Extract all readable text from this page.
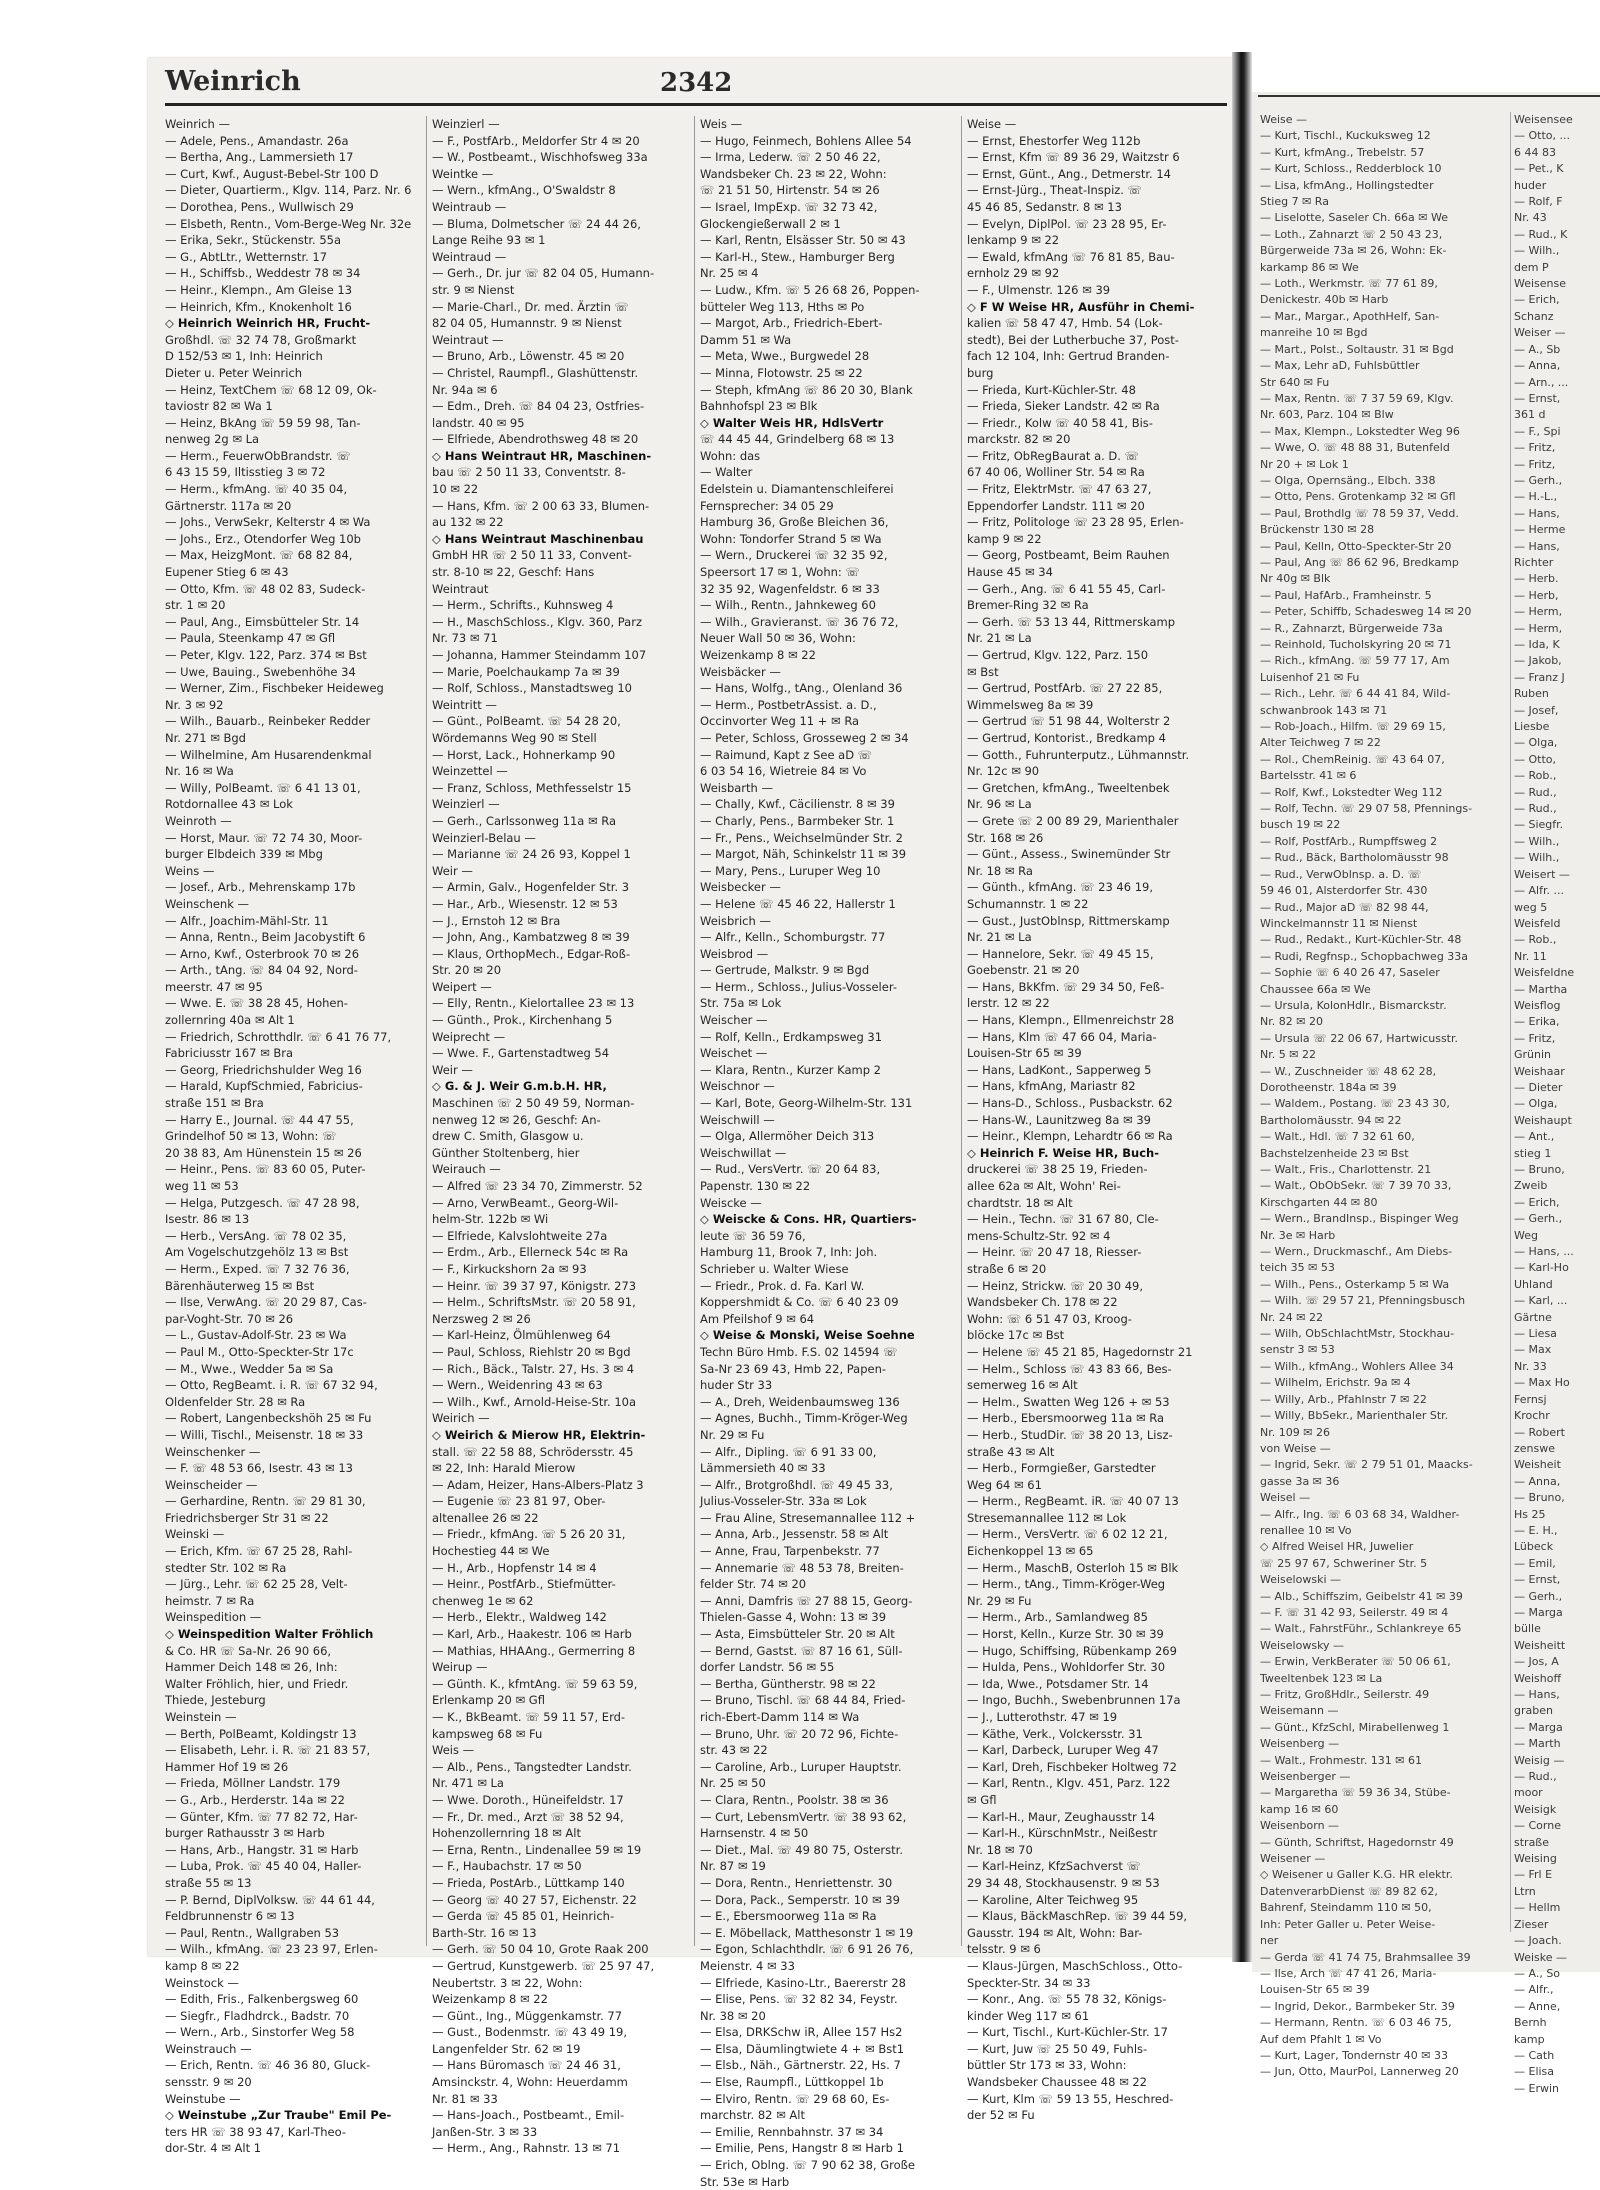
Weinrich	2342
Weinrich —
— Adele, Pens., Amandastr. 26a
— Bertha, Ang., Lammersieth 17
— Curt, Kwf., August-Bebel-Str 100 D
— Dieter, Quartierm., Klgv. 114, Parz. Nr. 6
— Dorothea, Pens., Wullwisch 29
— Elsbeth, Rentn., Vom-Berge-Weg Nr. 32e
— Erika, Sekr., Stückenstr. 55a
— G., AbtLtr., Wetternstr. 17
— H., Schiffsb., Weddestr 78 ✉ 34
— Heinr., Klempn., Am Gleise 13
— Heinrich, Kfm., Knokenholt 16
◇ Heinrich Weinrich HR, Frucht-
Großhdl. ☏ 32 74 78, Großmarkt
D 152/53 ✉ 1, Inh: Heinrich
Dieter u. Peter Weinrich
— Heinz, TextChem ☏ 68 12 09, Ok-
taviostr 82 ✉ Wa 1
— Heinz, BkAng ☏ 59 59 98, Tan-
nenweg 2g ✉ La
— Herm., FeuerwObBrandstr. ☏
6 43 15 59, Iltisstieg 3 ✉ 72
— Herm., kfmAng. ☏ 40 35 04,
Gärtnerstr. 117a ✉ 20
— Johs., VerwSekr, Kelterstr 4 ✉ Wa
— Johs., Erz., Otendorfer Weg 10b
— Max, HeizgMont. ☏ 68 82 84,
Eupener Stieg 6 ✉ 43
— Otto, Kfm. ☏ 48 02 83, Sudeck-
str. 1 ✉ 20
— Paul, Ang., Eimsbütteler Str. 14
— Paula, Steenkamp 47 ✉ Gfl
— Peter, Klgv. 122, Parz. 374 ✉ Bst
— Uwe, Bauing., Swebenhöhe 34
— Werner, Zim., Fischbeker Heideweg
Nr. 3 ✉ 92
— Wilh., Bauarb., Reinbeker Redder
Nr. 271 ✉ Bgd
— Wilhelmine, Am Husarendenkmal
Nr. 16 ✉ Wa
— Willy, PolBeamt. ☏ 6 41 13 01,
Rotdornallee 43 ✉ Lok
Weinroth —
— Horst, Maur. ☏ 72 74 30, Moor-
burger Elbdeich 339 ✉ Mbg
Weins —
— Josef., Arb., Mehrenskamp 17b
Weinschenk —
— Alfr., Joachim-Mähl-Str. 11
— Anna, Rentn., Beim Jacobystift 6
— Arno, Kwf., Osterbrook 70 ✉ 26
— Arth., tAng. ☏ 84 04 92, Nord-
meerstr. 47 ✉ 95
— Wwe. E. ☏ 38 28 45, Hohen-
zollernring 40a ✉ Alt 1
— Friedrich, Schrotthdlr. ☏ 6 41 76 77,
Fabriciusstr 167 ✉ Bra
— Georg, Friedrichshulder Weg 16
— Harald, KupfSchmied, Fabricius-
straße 151 ✉ Bra
— Harry E., Journal. ☏ 44 47 55,
Grindelhof 50 ✉ 13, Wohn: ☏
20 38 83, Am Hünenstein 15 ✉ 26
— Heinr., Pens. ☏ 83 60 05, Puter-
weg 11 ✉ 53
— Helga, Putzgesch. ☏ 47 28 98,
Isestr. 86 ✉ 13
— Herb., VersAng. ☏ 78 02 35,
Am Vogelschutzgehölz 13 ✉ Bst
— Herm., Exped. ☏ 7 32 76 36,
Bärenhäuterweg 15 ✉ Bst
— Ilse, VerwAng. ☏ 20 29 87, Cas-
par-Voght-Str. 70 ✉ 26
— L., Gustav-Adolf-Str. 23 ✉ Wa
— Paul M., Otto-Speckter-Str 17c
— M., Wwe., Wedder 5a ✉ Sa
— Otto, RegBeamt. i. R. ☏ 67 32 94,
Oldenfelder Str. 28 ✉ Ra
— Robert, Langenbeckshöh 25 ✉ Fu
— Willi, Tischl., Meisenstr. 18 ✉ 33
Weinschenker —
— F. ☏ 48 53 66, Isestr. 43 ✉ 13
Weinscheider —
— Gerhardine, Rentn. ☏ 29 81 30,
Friedrichsberger Str 31 ✉ 22
Weinski —
— Erich, Kfm. ☏ 67 25 28, Rahl-
stedter Str. 102 ✉ Ra
— Jürg., Lehr. ☏ 62 25 28, Velt-
heimstr. 7 ✉ Ra
Weinspedition —
◇ Weinspedition Walter Fröhlich
& Co. HR ☏ Sa-Nr. 26 90 66,
Hammer Deich 148 ✉ 26, Inh:
Walter Fröhlich, hier, und Friedr.
Thiede, Jesteburg
Weinstein —
— Berth, PolBeamt, Koldingstr 13
— Elisabeth, Lehr. i. R. ☏ 21 83 57,
Hammer Hof 19 ✉ 26
— Frieda, Möllner Landstr. 179
— G., Arb., Herderstr. 14a ✉ 22
— Günter, Kfm. ☏ 77 82 72, Har-
burger Rathausstr 3 ✉ Harb
— Hans, Arb., Hangstr. 31 ✉ Harb
— Luba, Prok. ☏ 45 40 04, Haller-
straße 55 ✉ 13
— P. Bernd, DiplVolksw. ☏ 44 61 44,
Feldbrunnenstr 6 ✉ 13
— Paul, Rentn., Wallgraben 53
— Wilh., kfmAng. ☏ 23 23 97, Erlen-
kamp 8 ✉ 22
Weinstock —
— Edith, Fris., Falkenbergsweg 60
— Siegfr., Fladhdrck., Badstr. 70
— Wern., Arb., Sinstorfer Weg 58
Weinstrauch —
— Erich, Rentn. ☏ 46 36 80, Gluck-
sensstr. 9 ✉ 20
Weinstube —
◇ Weinstube „Zur Traube" Emil Pe-
ters HR ☏ 38 93 47, Karl-Theo-
dor-Str. 4 ✉ Alt 1
Weinzierl —
— F., PostfArb., Meldorfer Str 4 ✉ 20
— W., Postbeamt., Wischhofsweg 33a
Weintke —
— Wern., kfmAng., O'Swaldstr 8
Weintraub —
— Bluma, Dolmetscher ☏ 24 44 26,
Lange Reihe 93 ✉ 1
Weintraud —
— Gerh., Dr. jur ☏ 82 04 05, Humann-
str. 9 ✉ Nienst
— Marie-Charl., Dr. med. Ärztin ☏
82 04 05, Humannstr. 9 ✉ Nienst
Weintraut —
— Bruno, Arb., Löwenstr. 45 ✉ 20
— Christel, Raumpfl., Glashüttenstr.
Nr. 94a ✉ 6
— Edm., Dreh. ☏ 84 04 23, Ostfries-
landstr. 40 ✉ 95
— Elfriede, Abendrothsweg 48 ✉ 20
◇ Hans Weintraut HR, Maschinen-
bau ☏ 2 50 11 33, Conventstr. 8-
10 ✉ 22
— Hans, Kfm. ☏ 2 00 63 33, Blumen-
au 132 ✉ 22
◇ Hans Weintraut Maschinenbau
GmbH HR ☏ 2 50 11 33, Convent-
str. 8-10 ✉ 22, Geschf: Hans
Weintraut
— Herm., Schrifts., Kuhnsweg 4
— H., MaschSchloss., Klgv. 360, Parz
Nr. 73 ✉ 71
— Johanna, Hammer Steindamm 107
— Marie, Poelchaukamp 7a ✉ 39
— Rolf, Schloss., Manstadtsweg 10
Weintritt —
— Günt., PolBeamt. ☏ 54 28 20,
Wördemanns Weg 90 ✉ Stell
— Horst, Lack., Hohnerkamp 90
Weinzettel —
— Franz, Schloss, Methfesselstr 15
Weinzierl —
— Gerh., Carlssonweg 11a ✉ Ra
Weinzierl-Belau —
— Marianne ☏ 24 26 93, Koppel 1
Weir —
— Armin, Galv., Hogenfelder Str. 3
— Har., Arb., Wiesenstr. 12 ✉ 53
— J., Ernstoh 12 ✉ Bra
— John, Ang., Kambatzweg 8 ✉ 39
— Klaus, OrthopMech., Edgar-Roß-
Str. 20 ✉ 20
Weipert —
— Elly, Rentn., Kielortallee 23 ✉ 13
— Günth., Prok., Kirchenhang 5
Weiprecht —
— Wwe. F., Gartenstadtweg 54
Weir —
◇ G. & J. Weir G.m.b.H. HR,
Maschinen ☏ 2 50 49 59, Norman-
nenweg 12 ✉ 26, Geschf: An-
drew C. Smith, Glasgow u.
Günther Stoltenberg, hier
Weirauch —
— Alfred ☏ 23 34 70, Zimmerstr. 52
— Arno, VerwBeamt., Georg-Wil-
helm-Str. 122b ✉ Wi
— Elfriede, Kalvslohtweite 27a
— Erdm., Arb., Ellerneck 54c ✉ Ra
— F., Kirkuckshorn 2a ✉ 93
— Heinr. ☏ 39 37 97, Königstr. 273
— Helm., SchriftsMstr. ☏ 20 58 91,
Nerzsweg 2 ✉ 26
— Karl-Heinz, Ölmühlenweg 64
— Paul, Schloss, Riehlstr 20 ✉ Bgd
— Rich., Bäck., Talstr. 27, Hs. 3 ✉ 4
— Wern., Weidenring 43 ✉ 63
— Wilh., Kwf., Arnold-Heise-Str. 10a
Weirich —
◇ Weirich & Mierow HR, Elektrin-
stall. ☏ 22 58 88, Schrödersstr. 45
✉ 22, Inh: Harald Mierow
— Adam, Heizer, Hans-Albers-Platz 3
— Eugenie ☏ 23 81 97, Ober-
altenallee 26 ✉ 22
— Friedr., kfmAng. ☏ 5 26 20 31,
Hochestieg 44 ✉ We
— H., Arb., Hopfenstr 14 ✉ 4
— Heinr., PostfArb., Stiefmütter-
chenweg 1e ✉ 62
— Herb., Elektr., Waldweg 142
— Karl, Arb., Haakestr. 106 ✉ Harb
— Mathias, HHAAng., Germerring 8
Weirup —
— Günth. K., kfmtAng. ☏ 59 63 59,
Erlenkamp 20 ✉ Gfl
— K., BkBeamt. ☏ 59 11 57, Erd-
kampsweg 68 ✉ Fu
Weis —
— Alb., Pens., Tangstedter Landstr.
Nr. 471 ✉ La
— Wwe. Doroth., Hüneifeldstr. 17
— Fr., Dr. med., Arzt ☏ 38 52 94,
Hohenzollernring 18 ✉ Alt
— Erna, Rentn., Lindenallee 59 ✉ 19
— F., Haubachstr. 17 ✉ 50
— Frieda, PostArb., Lüttkamp 140
— Georg ☏ 40 27 57, Eichenstr. 22
— Gerda ☏ 45 85 01, Heinrich-
Barth-Str. 16 ✉ 13
— Gerh. ☏ 50 04 10, Grote Raak 200
— Gertrud, Kunstgewerb. ☏ 25 97 47,
Neubertstr. 3 ✉ 22, Wohn:
Weizenkamp 8 ✉ 22
— Günt., Ing., Müggenkamstr. 77
— Gust., Bodenmstr. ☏ 43 49 19,
Langenfelder Str. 62 ✉ 19
— Hans Büromasch ☏ 24 46 31,
Amsinckstr. 4, Wohn: Heuerdamm
Nr. 81 ✉ 33
— Hans-Joach., Postbeamt., Emil-
Janßen-Str. 3 ✉ 33
— Herm., Ang., Rahnstr. 13 ✉ 71
Weis —
— Hugo, Feinmech, Bohlens Allee 54
— Irma, Lederw. ☏ 2 50 46 22,
Wandsbeker Ch. 23 ✉ 22, Wohn:
☏ 21 51 50, Hirtenstr. 54 ✉ 26
— Israel, ImpExp. ☏ 32 73 42,
Glockengießerwall 2 ✉ 1
— Karl, Rentn, Elsässer Str. 50 ✉ 43
— Karl-H., Stew., Hamburger Berg
Nr. 25 ✉ 4
— Ludw., Kfm. ☏ 5 26 68 26, Poppen-
bütteler Weg 113, Hths ✉ Po
— Margot, Arb., Friedrich-Ebert-
Damm 51 ✉ Wa
— Meta, Wwe., Burgwedel 28
— Minna, Flotowstr. 25 ✉ 22
— Steph, kfmAng ☏ 86 20 30, Blank
Bahnhofspl 23 ✉ Blk
◇ Walter Weis HR, HdlsVertr
☏ 44 45 44, Grindelberg 68 ✉ 13
Wohn: das
— Walter
Edelstein u. Diamantenschleiferei
Fernsprecher: 34 05 29
Hamburg 36, Große Bleichen 36,
Wohn: Tondorfer Strand 5 ✉ Wa
— Wern., Druckerei ☏ 32 35 92,
Speersort 17 ✉ 1, Wohn: ☏
32 35 92, Wagenfeldstr. 6 ✉ 33
— Wilh., Rentn., Jahnkeweg 60
— Wilh., Gravieranst. ☏ 36 76 72,
Neuer Wall 50 ✉ 36, Wohn:
Weizenkamp 8 ✉ 22
Weisbäcker —
— Hans, Wolfg., tAng., Olenland 36
— Herm., PostbetrAssist. a. D.,
Occinvorter Weg 11 + ✉ Ra
— Peter, Schloss, Grosseweg 2 ✉ 34
— Raimund, Kapt z See aD ☏
6 03 54 16, Wietreie 84 ✉ Vo
Weisbarth —
— Chally, Kwf., Cäcilienstr. 8 ✉ 39
— Charly, Pens., Barmbeker Str. 1
— Fr., Pens., Weichselmünder Str. 2
— Margot, Näh, Schinkelstr 11 ✉ 39
— Mary, Pens., Luruper Weg 10
Weisbecker —
— Helene ☏ 45 46 22, Hallerstr 1
Weisbrich —
— Alfr., Kelln., Schomburgstr. 77
Weisbrod —
— Gertrude, Malkstr. 9 ✉ Bgd
— Herm., Schloss., Julius-Vosseler-
Str. 75a ✉ Lok
Weischer —
— Rolf, Kelln., Erdkampsweg 31
Weischet —
— Klara, Rentn., Kurzer Kamp 2
Weischnor —
— Karl, Bote, Georg-Wilhelm-Str. 131
Weischwill —
— Olga, Allermöher Deich 313
Weischwillat —
— Rud., VersVertr. ☏ 20 64 83,
Papenstr. 130 ✉ 22
Weiscke —
◇ Weiscke & Cons. HR, Quartiers-
leute ☏ 36 59 76,
Hamburg 11, Brook 7, Inh: Joh.
Schrieber u. Walter Wiese
— Friedr., Prok. d. Fa. Karl W.
Koppershmidt & Co. ☏ 6 40 23 09
Am Pfeilshof 9 ✉ 64
◇ Weise & Monski, Weise Soehne
Techn Büro Hmb. F.S. 02 14594 ☏
Sa-Nr 23 69 43, Hmb 22, Papen-
huder Str 33
— A., Dreh, Weidenbaumsweg 136
— Agnes, Buchh., Timm-Kröger-Weg
Nr. 29 ✉ Fu
— Alfr., Dipling. ☏ 6 91 33 00,
Lämmersieth 40 ✉ 33
— Alfr., Brotgroßhdl. ☏ 49 45 33,
Julius-Vosseler-Str. 33a ✉ Lok
— Frau Aline, Stresemannallee 112 +
— Anna, Arb., Jessenstr. 58 ✉ Alt
— Anne, Frau, Tarpenbekstr. 77
— Annemarie ☏ 48 53 78, Breiten-
felder Str. 74 ✉ 20
— Anni, Damfris ☏ 27 88 15, Georg-
Thielen-Gasse 4, Wohn: 13 ✉ 39
— Asta, Eimsbütteler Str. 20 ✉ Alt
— Bernd, Gastst. ☏ 87 16 61, Süll-
dorfer Landstr. 56 ✉ 55
— Bertha, Güntherstr. 98 ✉ 22
— Bruno, Tischl. ☏ 68 44 84, Fried-
rich-Ebert-Damm 114 ✉ Wa
— Bruno, Uhr. ☏ 20 72 96, Fichte-
str. 43 ✉ 22
— Caroline, Arb., Luruper Hauptstr.
Nr. 25 ✉ 50
— Clara, Rentn., Poolstr. 38 ✉ 36
— Curt, LebensmVertr. ☏ 38 93 62,
Harnsenstr. 4 ✉ 50
— Diet., Mal. ☏ 49 80 75, Osterstr.
Nr. 87 ✉ 19
— Dora, Rentn., Henriettenstr. 30
— Dora, Pack., Semperstr. 10 ✉ 39
— E., Ebersmoorweg 11a ✉ Ra
— E. Möbellack, Matthesonstr 1 ✉ 19
— Egon, Schlachthdlr. ☏ 6 91 26 76,
Meienstr. 4 ✉ 33
— Elfriede, Kasino-Ltr., Baererstr 28
— Elise, Pens. ☏ 32 82 34, Feystr.
Nr. 38 ✉ 20
— Elsa, DRKSchw iR, Allee 157 Hs2
— Elsa, Däumlingtwiete 4 + ✉ Bst1
— Elsb., Näh., Gärtnerstr. 22, Hs. 7
— Else, Raumpfl., Lüttkoppel 1b
— Elviro, Rentn. ☏ 29 68 60, Es-
marchstr. 82 ✉ Alt
— Emilie, Rennbahnstr. 37 ✉ 34
— Emilie, Pens, Hangstr 8 ✉ Harb 1
— Erich, Oblng. ☏ 7 90 62 38, Große
Str. 53e ✉ Harb
Weise —
— Ernst, Ehestorfer Weg 112b
— Ernst, Kfm ☏ 89 36 29, Waitzstr 6
— Ernst, Günt., Ang., Detmerstr. 14
— Ernst-Jürg., Theat-Inspiz. ☏
45 46 85, Sedanstr. 8 ✉ 13
— Evelyn, DiplPol. ☏ 23 28 95, Er-
lenkamp 9 ✉ 22
— Ewald, kfmAng ☏ 76 81 85, Bau-
ernholz 29 ✉ 92
— F., Ulmenstr. 126 ✉ 39
◇ F W Weise HR, Ausführ in Chemi-
kalien ☏ 58 47 47, Hmb. 54 (Lok-
stedt), Bei der Lutherbuche 37, Post-
fach 12 104, Inh: Gertrud Branden-
burg
— Frieda, Kurt-Küchler-Str. 48
— Frieda, Sieker Landstr. 42 ✉ Ra
— Friedr., Kolw ☏ 40 58 41, Bis-
marckstr. 82 ✉ 20
— Fritz, ObRegBaurat a. D. ☏
67 40 06, Wolliner Str. 54 ✉ Ra
— Fritz, ElektrMstr. ☏ 47 63 27,
Eppendorfer Landstr. 111 ✉ 20
— Fritz, Politologe ☏ 23 28 95, Erlen-
kamp 9 ✉ 22
— Georg, Postbeamt, Beim Rauhen
Hause 45 ✉ 34
— Gerh., Ang. ☏ 6 41 55 45, Carl-
Bremer-Ring 32 ✉ Ra
— Gerh. ☏ 53 13 44, Rittmerskamp
Nr. 21 ✉ La
— Gertrud, Klgv. 122, Parz. 150
✉ Bst
— Gertrud, PostfArb. ☏ 27 22 85,
Wimmelsweg 8a ✉ 39
— Gertrud ☏ 51 98 44, Wolterstr 2
— Gertrud, Kontorist., Bredkamp 4
— Gotth., Fuhrunterputz., Lühmannstr.
Nr. 12c ✉ 90
— Gretchen, kfmAng., Tweeltenbek
Nr. 96 ✉ La
— Grete ☏ 2 00 89 29, Marienthaler
Str. 168 ✉ 26
— Günt., Assess., Swinemünder Str
Nr. 18 ✉ Ra
— Günth., kfmAng. ☏ 23 46 19,
Schumannstr. 1 ✉ 22
— Gust., JustOblnsp, Rittmerskamp
Nr. 21 ✉ La
— Hannelore, Sekr. ☏ 49 45 15,
Goebenstr. 21 ✉ 20
— Hans, BkKfm. ☏ 29 34 50, Feß-
lerstr. 12 ✉ 22
— Hans, Klempn., Ellmenreichstr 28
— Hans, Klm ☏ 47 66 04, Maria-
Louisen-Str 65 ✉ 39
— Hans, LadKont., Sapperweg 5
— Hans, kfmAng, Mariastr 82
— Hans-D., Schloss., Pusbackstr. 62
— Hans-W., Launitzweg 8a ✉ 39
— Heinr., Klempn, Lehardtr 66 ✉ Ra
◇ Heinrich F. Weise HR, Buch-
druckerei ☏ 38 25 19, Frieden-
allee 62a ✉ Alt, Wohn' Rei-
chardtstr. 18 ✉ Alt
— Hein., Techn. ☏ 31 67 80, Cle-
mens-Schultz-Str. 92 ✉ 4
— Heinr. ☏ 20 47 18, Riesser-
straße 6 ✉ 20
— Heinz, Strickw. ☏ 20 30 49,
Wandsbeker Ch. 178 ✉ 22
Wohn: ☏ 6 51 47 03, Kroog-
blöcke 17c ✉ Bst
— Helene ☏ 45 21 85, Hagedornstr 21
— Helm., Schloss ☏ 43 83 66, Bes-
semerweg 16 ✉ Alt
— Helm., Swatten Weg 126 + ✉ 53
— Herb., Ebersmoorweg 11a ✉ Ra
— Herb., StudDir. ☏ 38 20 13, Lisz-
straße 43 ✉ Alt
— Herb., Formgießer, Garstedter
Weg 64 ✉ 61
— Herm., RegBeamt. iR. ☏ 40 07 13
Stresemannallee 112 ✉ Lok
— Herm., VersVertr. ☏ 6 02 12 21,
Eichenkoppel 13 ✉ 65
— Herm., MaschB, Osterloh 15 ✉ Blk
— Herm., tAng., Timm-Kröger-Weg
Nr. 29 ✉ Fu
— Herm., Arb., Samlandweg 85
— Horst, Kelln., Kurze Str. 30 ✉ 39
— Hugo, Schiffsing, Rübenkamp 269
— Hulda, Pens., Wohldorfer Str. 30
— Ida, Wwe., Potsdamer Str. 14
— Ingo, Buchh., Swebenbrunnen 17a
— J., Lutterothstr. 47 ✉ 19
— Käthe, Verk., Volckersstr. 31
— Karl, Darbeck, Luruper Weg 47
— Karl, Dreh, Fischbeker Holtweg 72
— Karl, Rentn., Klgv. 451, Parz. 122
✉ Gfl
— Karl-H., Maur, Zeughausstr 14
— Karl-H., KürschnMstr., Neißestr
Nr. 18 ✉ 70
— Karl-Heinz, KfzSachverst ☏
29 34 48, Stockhausenstr. 9 ✉ 53
— Karoline, Alter Teichweg 95
— Klaus, BäckMaschRep. ☏ 39 44 59,
Gausstr. 194 ✉ Alt, Wohn: Bar-
telsstr. 9 ✉ 6
— Klaus-Jürgen, MaschSchloss., Otto-
Speckter-Str. 34 ✉ 33
— Konr., Ang. ☏ 55 78 32, Königs-
kinder Weg 117 ✉ 61
— Kurt, Tischl., Kurt-Küchler-Str. 17
— Kurt, Juw ☏ 25 50 49, Fuhls-
büttler Str 173 ✉ 33, Wohn:
Wandsbeker Chaussee 48 ✉ 22
— Kurt, Klm ☏ 59 13 55, Heschred-
der 52 ✉ Fu
Weise —
— Kurt, Tischl., Kuckuksweg 12
— Kurt, kfmAng., Trebelstr. 57
— Kurt, Schloss., Redderblock 10
— Lisa, kfmAng., Hollingstedter
Stieg 7 ✉ Ra
— Liselotte, Saseler Ch. 66a ✉ We
— Loth., Zahnarzt ☏ 2 50 43 23,
Bürgerweide 73a ✉ 26, Wohn: Ek-
karkamp 86 ✉ We
— Loth., Werkmstr. ☏ 77 61 89,
Denickestr. 40b ✉ Harb
— Mar., Margar., ApothHelf, San-
manreihe 10 ✉ Bgd
— Mart., Polst., Soltaustr. 31 ✉ Bgd
— Max, Lehr aD, Fuhlsbüttler
Str 640 ✉ Fu
— Max, Rentn. ☏ 7 37 59 69, Klgv.
Nr. 603, Parz. 104 ✉ Blw
— Max, Klempn., Lokstedter Weg 96
— Wwe, O. ☏ 48 88 31, Butenfeld
Nr 20 + ✉ Lok 1
— Olga, Opernsäng., Elbch. 338
— Otto, Pens. Grotenkamp 32 ✉ Gfl
— Paul, Brothdlg ☏ 78 59 37, Vedd.
Brückenstr 130 ✉ 28
— Paul, Kelln, Otto-Speckter-Str 20
— Paul, Ang ☏ 86 62 96, Bredkamp
Nr 40g ✉ Blk
— Paul, HafArb., Framheinstr. 5
— Peter, Schiffb, Schadesweg 14 ✉ 20
— R., Zahnarzt, Bürgerweide 73a
— Reinhold, Tucholskyring 20 ✉ 71
— Rich., kfmAng. ☏ 59 77 17, Am
Luisenhof 21 ✉ Fu
— Rich., Lehr. ☏ 6 44 41 84, Wild-
schwanbrook 143 ✉ 71
— Rob-Joach., Hilfm. ☏ 29 69 15,
Alter Teichweg 7 ✉ 22
— Rol., ChemReinig. ☏ 43 64 07,
Bartelsstr. 41 ✉ 6
— Rolf, Kwf., Lokstedter Weg 112
— Rolf, Techn. ☏ 29 07 58, Pfennings-
busch 19 ✉ 22
— Rolf, PostfArb., Rumpffsweg 2
— Rud., Bäck, Bartholomäusstr 98
— Rud., VerwOblnsp. a. D. ☏
59 46 01, Alsterdorfer Str. 430
— Rud., Major aD ☏ 82 98 44,
Winckelmannstr 11 ✉ Nienst
— Rud., Redakt., Kurt-Küchler-Str. 48
— Rudi, Regfnsp., Schopbachweg 33a
— Sophie ☏ 6 40 26 47, Saseler
Chaussee 66a ✉ We
— Ursula, KolonHdlr., Bismarckstr.
Nr. 82 ✉ 20
— Ursula ☏ 22 06 67, Hartwicusstr.
Nr. 5 ✉ 22
— W., Zuschneider ☏ 48 62 28,
Dorotheenstr. 184a ✉ 39
— Waldem., Postang. ☏ 23 43 30,
Bartholomäusstr. 94 ✉ 22
— Walt., Hdl. ☏ 7 32 61 60,
Bachstelzenheide 23 ✉ Bst
— Walt., Fris., Charlottenstr. 21
— Walt., ObObSekr. ☏ 7 39 70 33,
Kirschgarten 44 ✉ 80
— Wern., BrandInsp., Bispinger Weg
Nr. 3e ✉ Harb
— Wern., Druckmaschf., Am Diebs-
teich 35 ✉ 53
— Wilh., Pens., Osterkamp 5 ✉ Wa
— Wilh. ☏ 29 57 21, Pfenningsbusch
Nr. 24 ✉ 22
— Wilh, ObSchlachtMstr, Stockhau-
senstr 3 ✉ 53
— Wilh., kfmAng., Wohlers Allee 34
— Wilhelm, Erichstr. 9a ✉ 4
— Willy, Arb., Pfahlnstr 7 ✉ 22
— Willy, BbSekr., Marienthaler Str.
Nr. 109 ✉ 26
von Weise —
— Ingrid, Sekr. ☏ 2 79 51 01, Maacks-
gasse 3a ✉ 36
Weisel —
— Alfr., Ing. ☏ 6 03 68 34, Waldher-
renallee 10 ✉ Vo
◇ Alfred Weisel HR, Juwelier
☏ 25 97 67, Schweriner Str. 5
Weiselowski —
— Alb., Schiffszim, Geibelstr 41 ✉ 39
— F. ☏ 31 42 93, Seilerstr. 49 ✉ 4
— Walt., FahrstFühr., Schlankreye 65
Weiselowsky —
— Erwin, VerkBerater ☏ 50 06 61,
Tweeltenbek 123 ✉ La
— Fritz, GroßHdlr., Seilerstr. 49
Weisemann —
— Günt., KfzSchl, Mirabellenweg 1
Weisenberg —
— Walt., Frohmestr. 131 ✉ 61
Weisenberger —
— Margaretha ☏ 59 36 34, Stübe-
kamp 16 ✉ 60
Weisenborn —
— Günth, Schriftst, Hagedornstr 49
Weisener —
◇ Weisener u Galler K.G. HR elektr.
DatenverarbDienst ☏ 89 82 62,
Bahrenf, Steindamm 110 ✉ 50,
Inh: Peter Galler u. Peter Weise-
ner
— Gerda ☏ 41 74 75, Brahmsallee 39
— Ilse, Arch ☏ 47 41 26, Maria-
Louisen-Str 65 ✉ 39
— Ingrid, Dekor., Barmbeker Str. 39
— Hermann, Rentn. ☏ 6 03 46 75,
Auf dem Pfahlt 1 ✉ Vo
— Kurt, Lager, Tondernstr 40 ✉ 33
— Jun, Otto, MaurPol, Lannerweg 20
Weisensee
— Otto, ...
6 44 83
— Pet., K
huder
— Rolf, F
Nr. 43
— Rud., K
— Wilh.,
dem P
Weisense
— Erich,
Schanz
Weiser —
— A., Sb
— Anna,
— Arn., ...
— Ernst,
361 d
— F., Spi
— Fritz,
— Fritz,
— Gerh.,
— H.-L.,
— Hans,
— Herme
— Hans,
Richter
— Herb.
— Herb,
— Herm,
— Herm,
— Ida, K
— Jakob,
— Franz J
Ruben
— Josef,
Liesbe
— Olga,
— Otto,
— Rob.,
— Rud.,
— Rud.,
— Siegfr.
— Wilh.,
— Wilh.,
Weisert —
— Alfr. ...
weg 5
Weisfeld
— Rob.,
Nr. 11
Weisfeldne
— Martha
Weisflog
— Erika,
— Fritz,
Grünin
Weishaar
— Dieter
— Olga,
Weishaupt
— Ant.,
stieg 1
— Bruno,
Zweib
— Erich,
— Gerh.,
Weg
— Hans, ...
— Karl-Ho
Uhland
— Karl, ...
Gärtne
— Liesa
— Max
Nr. 33
— Max Ho
Fernsj
Krochr
— Robert
zenswe
Weisheit
— Anna,
— Bruno,
Hs 25
— E. H.,
Lübeck
— Emil,
— Ernst,
— Gerh.,
— Marga
bülle
Weisheitt
— Jos, A
Weishoff
— Hans,
graben
— Marga
— Marth
Weisig —
— Rud.,
moor
Weisigk
— Corne
straße
Weising
— Frl E
Ltrn
— Hellm
Zieser
— Joach.
Weiske —
— A., So
— Alfr.,
— Anne,
Bernh
kamp
— Cath
— Elisa
— Erwin
